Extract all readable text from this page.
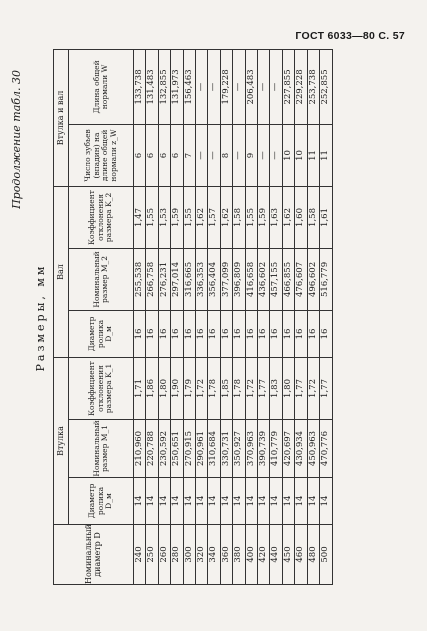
ГОСТ 6033—80 С. 57
Продолжение табл. 30
Размеры, мм
Номинальный диаметр D	Втулка			Вал			Втулка и вал	
	Диаметр ролика D_м	Номинальный размер M_1	Коэффициент отклонения размера K_1	Диаметр ролика D_м	Номинальный размер M_2	Коэффициент отклонения размера K_2	Число зубьев (впадин) на длине общей нормали z_W	Длина общей нормали W
240	14	210,960	1,71	16	255,538	1,47	6	133,738
250	14	220,788	1,86	16	266,758	1,55	6	131,483
260	14	230,592	1,80	16	276,231	1,53	6	132,855
280	14	250,651	1,90	16	297,014	1,59	6	131,973
300	14	270,915	1,79	16	316,665	1,55	7	156,463
320	14	290,961	1,72	16	336,353	1,62	—	—
340	14	310,684	1,78	16	356,404	1,57	—	—
360	14	330,731	1,85	16	377,099	1,62	8	179,228
380	14	350,927	1,78	16	396,809	1,58	—	—
400	14	370,963	1,72	16	416,658	1,55	9	206,483
420	14	390,739	1,77	16	436,602	1,59	—	—
440	14	410,779	1,83	16	457,155	1,63	—	—
450	14	420,697	1,80	16	466,855	1,62	10	227,855
460	14	430,934	1,77	16	476,607	1,60	10	229,228
480	14	450,963	1,72	16	496,602	1,58	11	253,738
500	14	470,776	1,77	16	516,779	1,61	11	252,855
